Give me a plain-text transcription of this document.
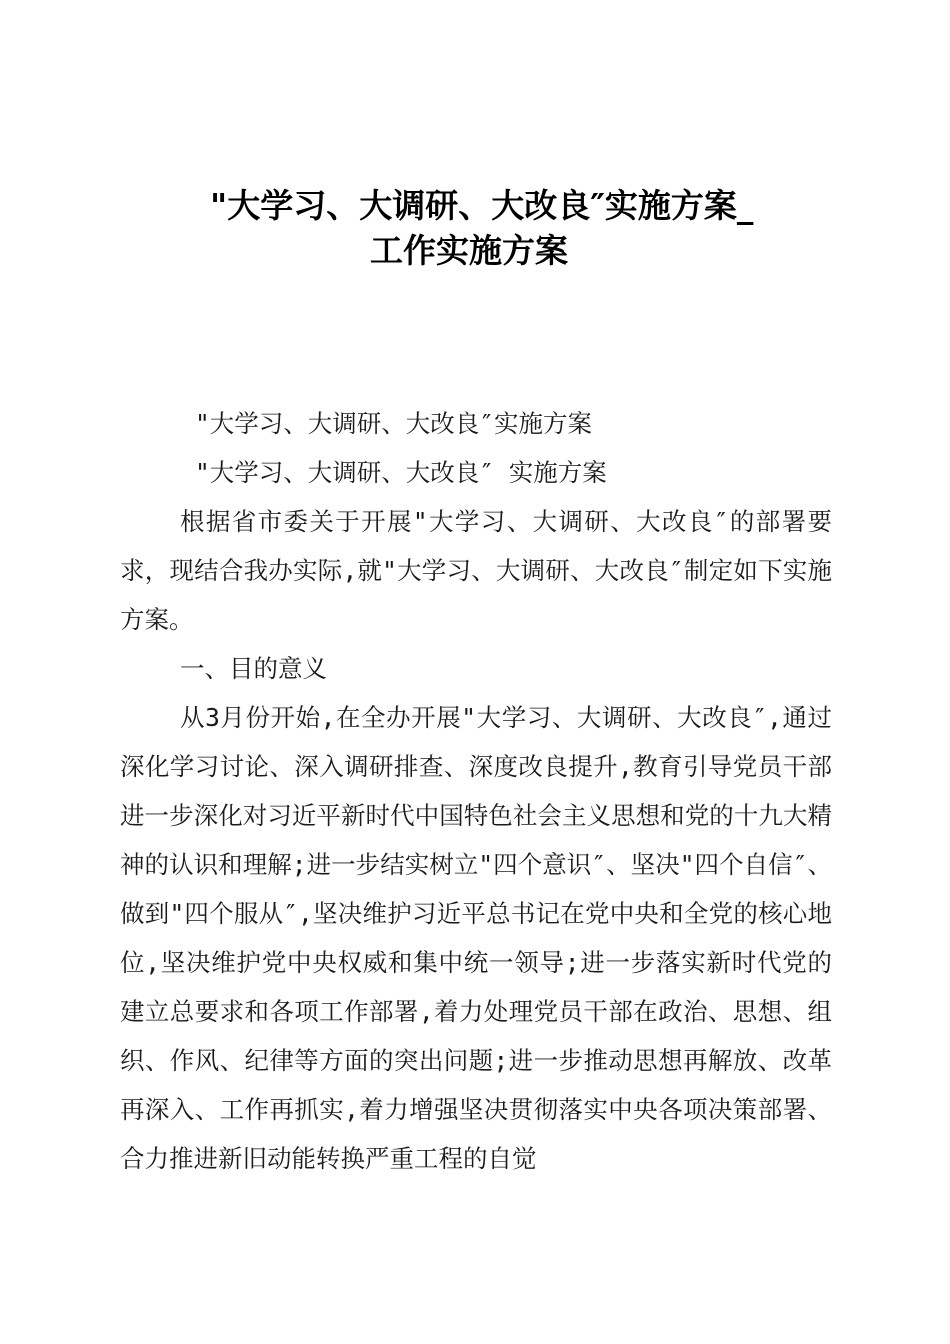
"大学习、大调研、大改良″实施方案_
工作实施方案

"大学习、大调研、大改良″实施方案

"大学习、大调研、大改良″ 实施方案

根据省市委关于开展"大学习、大调研、大改良″的部署要求，现结合我办实际,就"大学习、大调研、大改良″制定如下实施方案。

一、目的意义

从3月份开始,在全办开展"大学习、大调研、大改良″,通过深化学习讨论、深入调研排查、深度改良提升,教育引导党员干部进一步深化对习近平新时代中国特色社会主义思想和党的十九大精神的认识和理解;进一步结实树立"四个意识″、坚决"四个自信″、做到"四个服从″,坚决维护习近平总书记在党中央和全党的核心地位,坚决维护党中央权威和集中统一领导;进一步落实新时代党的建立总要求和各项工作部署,着力处理党员干部在政治、思想、组织、作风、纪律等方面的突出问题;进一步推动思想再解放、改革再深入、工作再抓实,着力增强坚决贯彻落实中央各项决策部署、合力推进新旧动能转换严重工程的自觉
